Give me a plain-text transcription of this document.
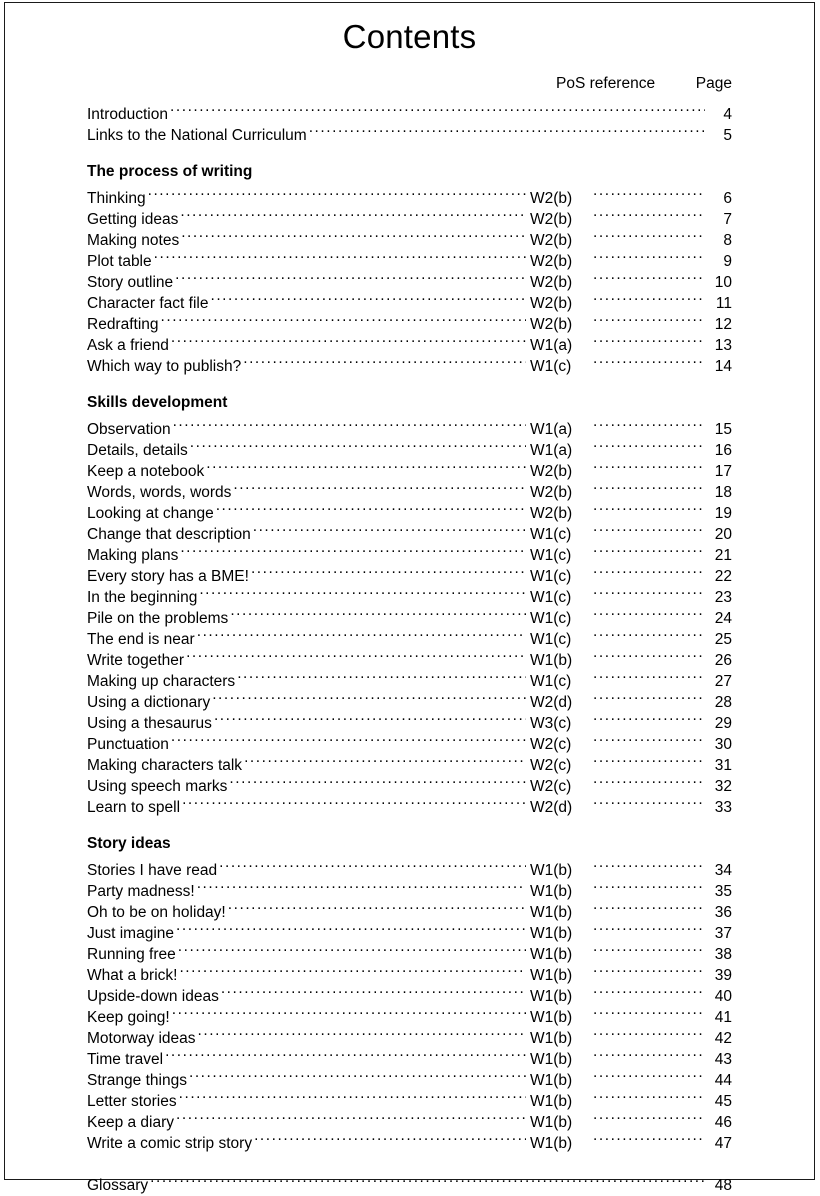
Contents
PoS reference	Page
Introduction .....	4
Links to the National Curriculum .....	5
The process of writing
Thinking .....	W2(b) .....	6
Getting ideas .....	W2(b) .....	7
Making notes .....	W2(b) .....	8
Plot table .....	W2(b) .....	9
Story outline .....	W2(b) .....	10
Character fact file .....	W2(b) .....	11
Redrafting .....	W2(b) .....	12
Ask a friend .....	W1(a) .....	13
Which way to publish? .....	W1(c) .....	14
Skills development
Observation .....	W1(a) .....	15
Details, details .....	W1(a) .....	16
Keep a notebook .....	W2(b) .....	17
Words, words, words .....	W2(b) .....	18
Looking at change .....	W2(b) .....	19
Change that description .....	W1(c) .....	20
Making plans .....	W1(c) .....	21
Every story has a BME! .....	W1(c) .....	22
In the beginning .....	W1(c) .....	23
Pile on the problems .....	W1(c) .....	24
The end is near .....	W1(c) .....	25
Write together .....	W1(b) .....	26
Making up characters .....	W1(c) .....	27
Using a dictionary .....	W2(d) .....	28
Using a thesaurus .....	W3(c) .....	29
Punctuation .....	W2(c) .....	30
Making characters talk .....	W2(c) .....	31
Using speech marks .....	W2(c) .....	32
Learn to spell .....	W2(d) .....	33
Story ideas
Stories I have read .....	W1(b) .....	34
Party madness! .....	W1(b) .....	35
Oh to be on holiday! .....	W1(b) .....	36
Just imagine .....	W1(b) .....	37
Running free .....	W1(b) .....	38
What a brick! .....	W1(b) .....	39
Upside-down ideas .....	W1(b) .....	40
Keep going! .....	W1(b) .....	41
Motorway ideas .....	W1(b) .....	42
Time travel .....	W1(b) .....	43
Strange things .....	W1(b) .....	44
Letter stories .....	W1(b) .....	45
Keep a diary .....	W1(b) .....	46
Write a comic strip story .....	W1(b) .....	47
Glossary .....	48
